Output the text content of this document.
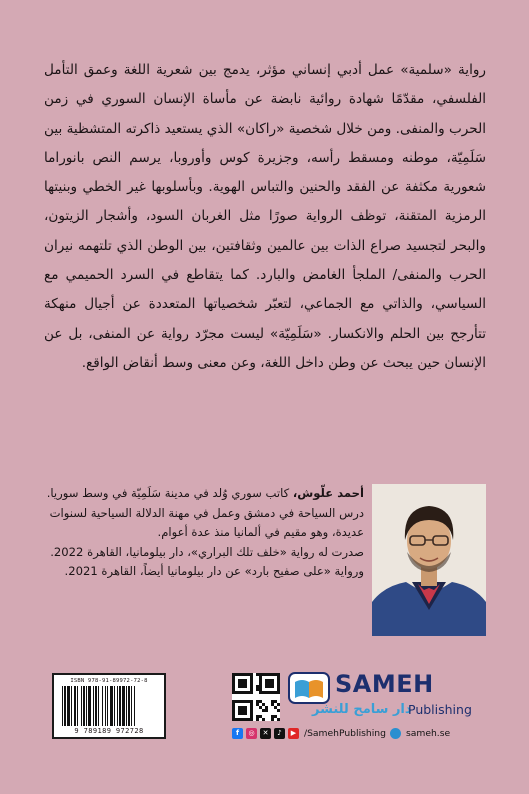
رواية «سلمية» عمل أدبي إنساني مؤثر، يدمج بين شعرية اللغة وعمق التأمل الفلسفي، مقدّمًا شهادة روائية نابضة عن مأساة الإنسان السوري في زمن الحرب والمنفى. ومن خلال شخصية «راكان» الذي يستعيد ذاكرته المتشظية بين سَلَمِيّة، موطنه ومسقط رأسه، وجزيرة كوس وأوروبا، يرسم النص بانوراما شعورية مكثفة عن الفقد والحنين والتباس الهوية. وبأسلوبها غير الخطي وبنيتها الرمزية المتقنة، توظف الرواية صورًا مثل الغربان السود، وأشجار الزيتون، والبحر لتجسيد صراع الذات بين عالمين وثقافتين، بين الوطن الذي تلتهمه نيران الحرب والمنفى/ الملجأ الغامض والبارد. كما يتقاطع في السرد الحميمي مع السياسي، والذاتي مع الجماعي، لتعبّر شخصياتها المتعددة عن أجيال منهكة تتأرجح بين الحلم والانكسار. «سَلَمِيّة» ليست مجرّد رواية عن المنفى، بل عن الإنسان حين يبحث عن وطن داخل اللغة، وعن معنى وسط أنقاض الواقع.

أحمد علّوش، كاتب سوري وُلد في مدينة سَلَمِيّة في وسط سوريا. درس السياحة في دمشق وعمل في مهنة الدلالة السياحية لسنوات عديدة، وهو مقيم في ألمانيا منذ عدة أعوام.

صدرت له رواية «خلف تلك البراري»، دار بيلومانيا، القاهرة 2022. ورواية «على صفيح بارد» عن دار بيلومانيا أيضاً، القاهرة 2021.

ISBN 978-91-89972-72-8
9 789189 972728
SAMEH
دار سامح للنشر
Publishing
f	◎	✕	♪	▶ /SamehPublishing sameh.se
